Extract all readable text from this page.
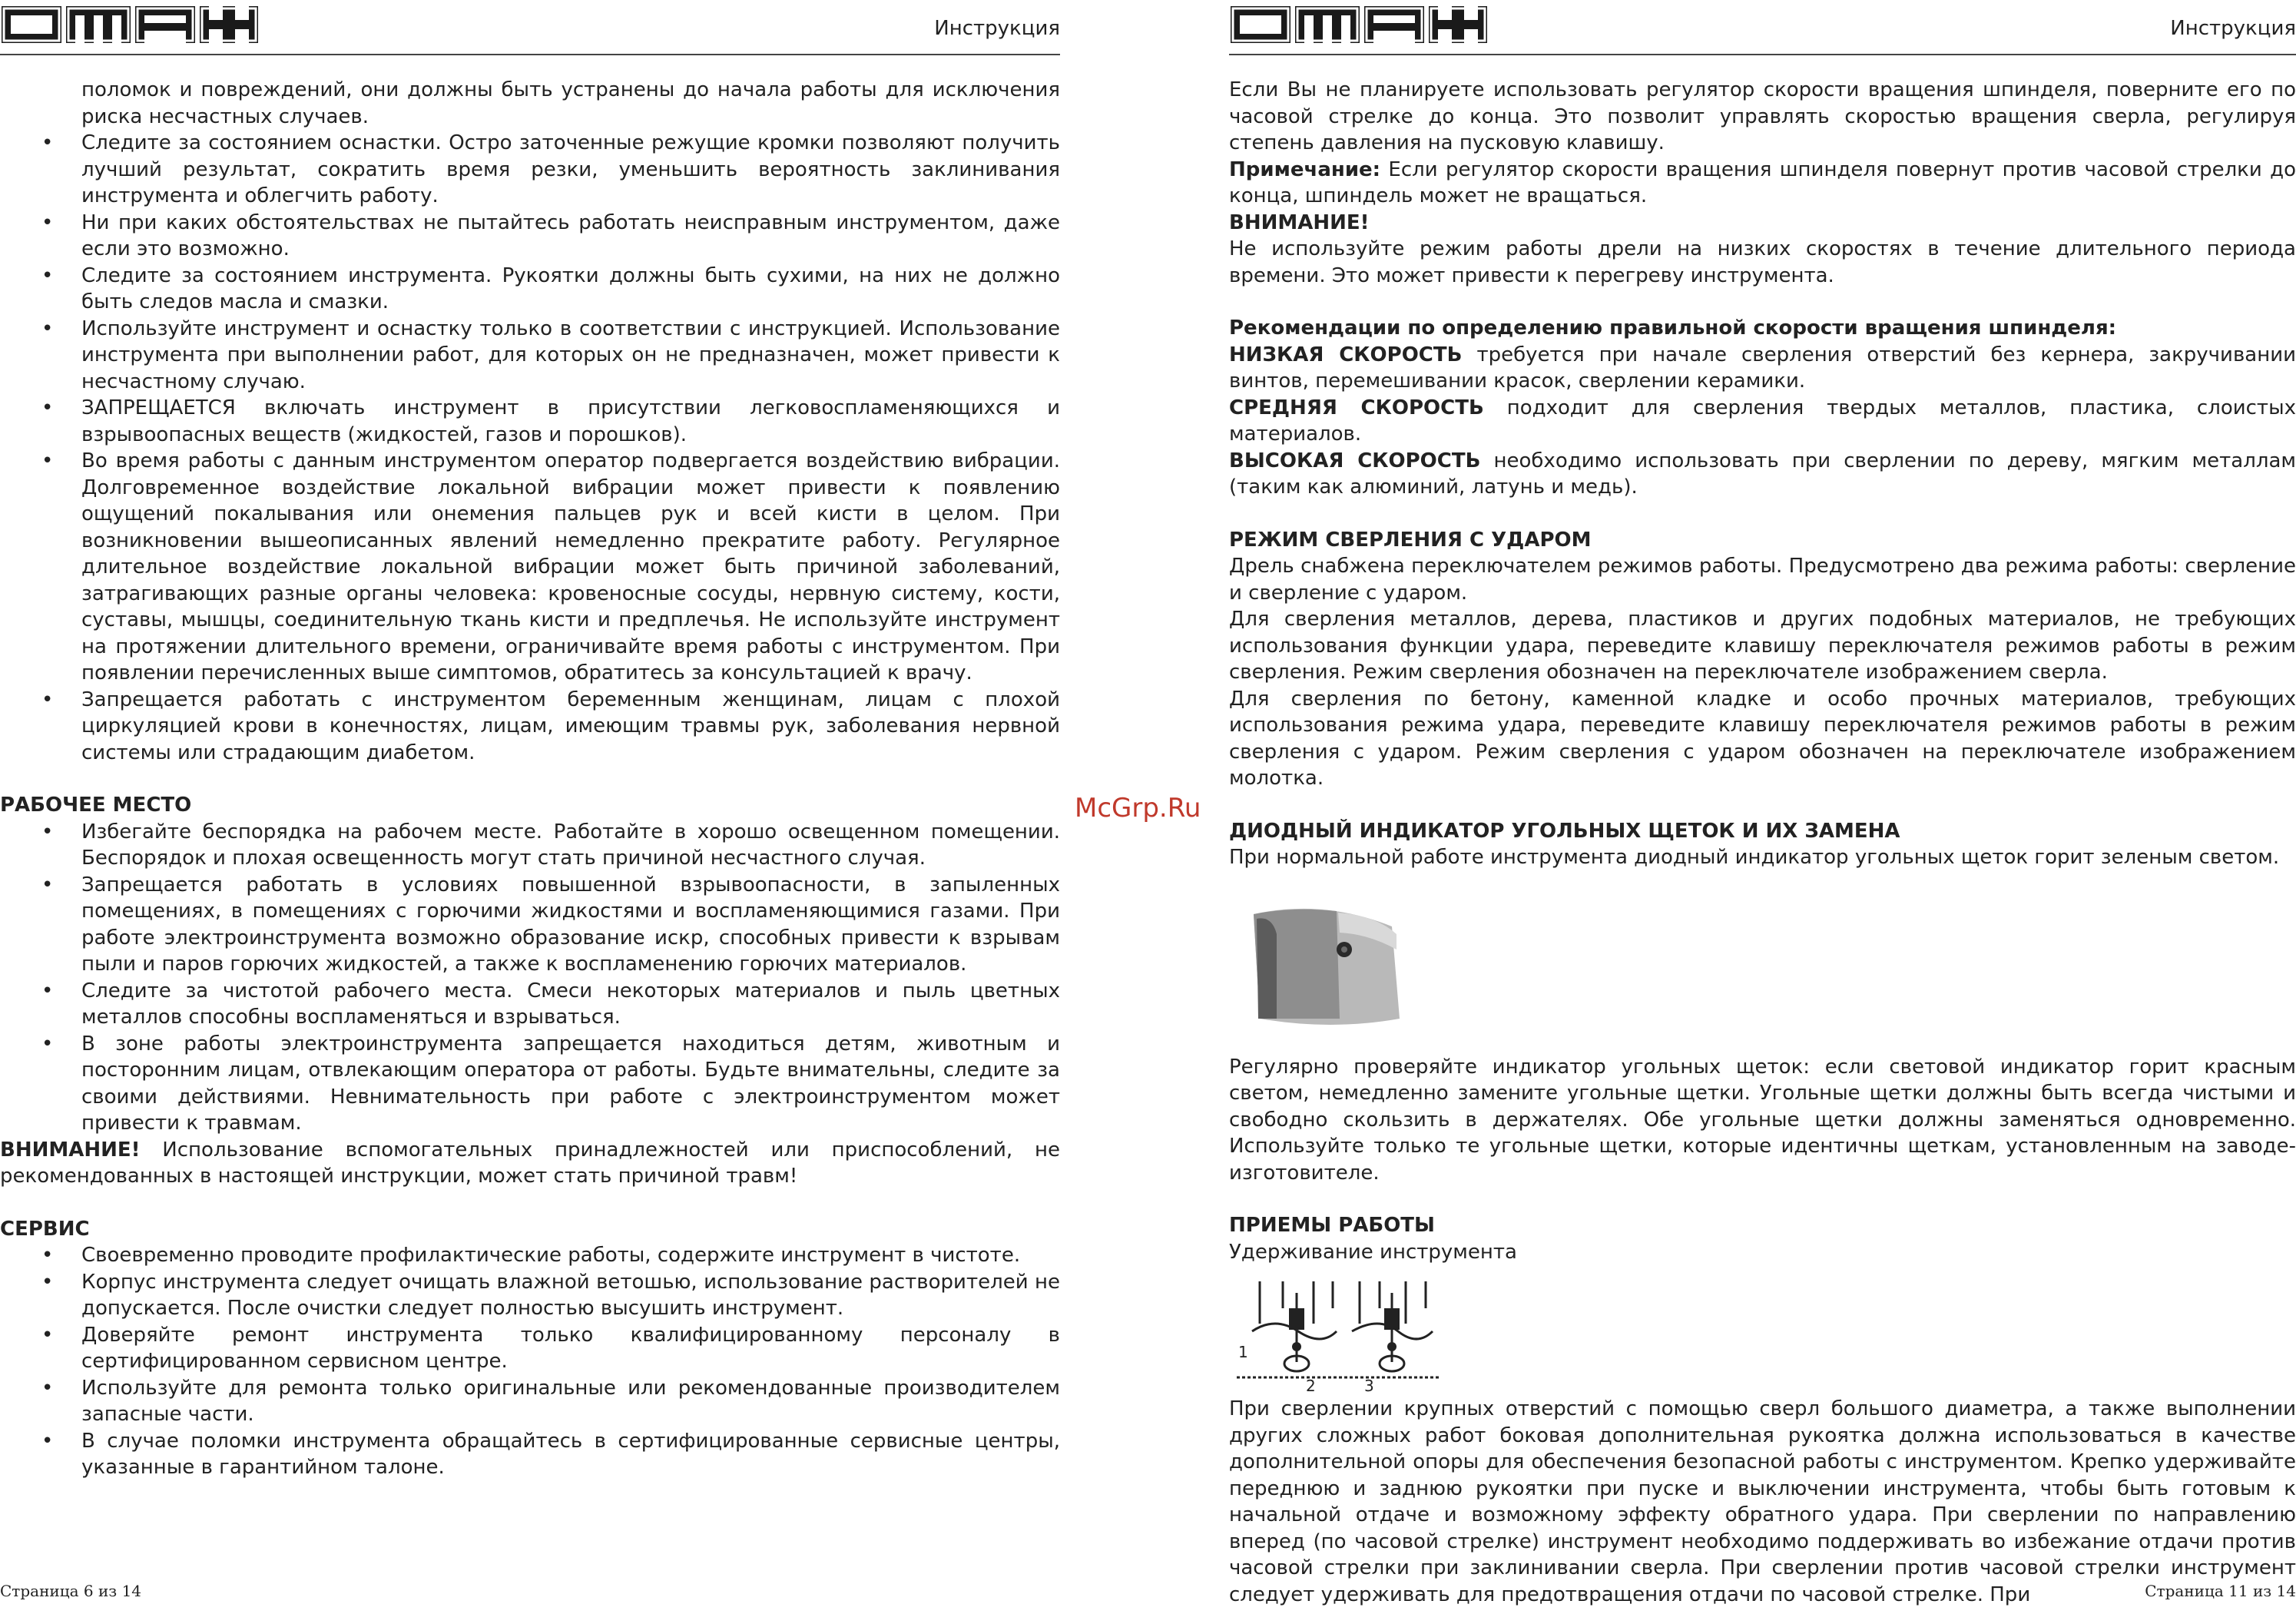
Инструкция

поломок и повреждений, они должны быть устранены до начала работы для исключения риска несчастных случаев.

• Следите за состоянием оснастки. Остро заточенные режущие кромки позволяют получить лучший результат, сократить время резки, уменьшить вероятность заклинивания инструмента и облегчить работу.
• Ни при каких обстоятельствах не пытайтесь работать неисправным инструментом, даже если это возможно.
• Следите за состоянием инструмента. Рукоятки должны быть сухими, на них не должно быть следов масла и смазки.
• Используйте инструмент и оснастку только в соответствии с инструкцией. Использование инструмента при выполнении работ, для которых он не предназначен, может привести к несчастному случаю.
• ЗАПРЕЩАЕТСЯ включать инструмент в присутствии легковоспламеняющихся и взрывоопасных веществ (жидкостей, газов и порошков).
• Во время работы с данным инструментом оператор подвергается воздействию вибрации. Долговременное воздействие локальной вибрации может привести к появлению ощущений покалывания или онемения пальцев рук и всей кисти в целом. При возникновении вышеописанных явлений немедленно прекратите работу. Регулярное длительное воздействие локальной вибрации может быть причиной заболеваний, затрагивающих разные органы человека: кровеносные сосуды, нервную систему, кости, суставы, мышцы, соединительную ткань кисти и предплечья. Не используйте инструмент на протяжении длительного времени, ограничивайте время работы с инструментом. При появлении перечисленных выше симптомов, обратитесь за консультацией к врачу.
• Запрещается работать с инструментом беременным женщинам, лицам с плохой циркуляцией крови в конечностях, лицам, имеющим травмы рук, заболевания нервной системы или страдающим диабетом.

РАБОЧЕЕ МЕСТО

• Избегайте беспорядка на рабочем месте. Работайте в хорошо освещенном помещении. Беспорядок и плохая освещенность могут стать причиной несчастного случая.
• Запрещается работать в условиях повышенной взрывоопасности, в запыленных помещениях, в помещениях с горючими жидкостями и воспламеняющимися газами. При работе электроинструмента возможно образование искр, способных привести к взрывам пыли и паров горючих жидкостей, а также к воспламенению горючих материалов.
• Следите за чистотой рабочего места. Смеси некоторых материалов и пыль цветных металлов способны воспламеняться и взрываться.
• В зоне работы электроинструмента запрещается находиться детям, животным и посторонним лицам, отвлекающим оператора от работы. Будьте внимательны, следите за своими действиями. Невнимательность при работе с электроинструментом может привести к травмам.

ВНИМАНИЕ! Использование вспомогательных принадлежностей или приспособлений, не рекомендованных в настоящей инструкции, может стать причиной травм!

СЕРВИС

• Своевременно проводите профилактические работы, содержите инструмент в чистоте.
• Корпус инструмента следует очищать влажной ветошью, использование растворителей не допускается. После очистки следует полностью высушить инструмент.
• Доверяйте ремонт инструмента только квалифицированному персоналу в сертифицированном сервисном центре.
• Используйте для ремонта только оригинальные или рекомендованные производителем запасные части.
• В случае поломки инструмента обращайтесь в сертифицированные сервисные центры, указанные в гарантийном талоне.
Страница 6 из 14
McGrp.Ru
Инструкция

Если Вы не планируете использовать регулятор скорости вращения шпинделя, поверните его по часовой стрелке до конца. Это позволит управлять скоростью вращения сверла, регулируя степень давления на пусковую клавишу.

Примечание: Если регулятор скорости вращения шпинделя повернут против часовой стрелки до конца, шпиндель может не вращаться.

ВНИМАНИЕ!

Не используйте режим работы дрели на низких скоростях в течение длительного периода времени. Это может привести к перегреву инструмента.

Рекомендации по определению правильной скорости вращения шпинделя:

НИЗКАЯ СКОРОСТЬ требуется при начале сверления отверстий без кернера, закручивании винтов, перемешивании красок, сверлении керамики.

СРЕДНЯЯ СКОРОСТЬ подходит для сверления твердых металлов, пластика, слоистых материалов.

ВЫСОКАЯ СКОРОСТЬ необходимо использовать при сверлении по дереву, мягким металлам (таким как алюминий, латунь и медь).

РЕЖИМ СВЕРЛЕНИЯ С УДАРОМ

Дрель снабжена переключателем режимов работы. Предусмотрено два режима работы: сверление и сверление с ударом.

Для сверления металлов, дерева, пластиков и других подобных материалов, не требующих использования функции удара, переведите клавишу переключателя режимов работы в режим сверления. Режим сверления обозначен на переключателе изображением сверла.

Для сверления по бетону, каменной кладке и особо прочных материалов, требующих использования режима удара, переведите клавишу переключателя режимов работы в режим сверления с ударом. Режим сверления с ударом обозначен на переключателе изображением молотка.

ДИОДНЫЙ ИНДИКАТОР УГОЛЬНЫХ ЩЕТОК И ИХ ЗАМЕНА

При нормальной работе инструмента диодный индикатор угольных щеток горит зеленым светом.

Регулярно проверяйте индикатор угольных щеток: если световой индикатор горит красным светом, немедленно замените угольные щетки. Угольные щетки должны быть всегда чистыми и свободно скользить в держателях. Обе угольные щетки должны заменяться одновременно. Используйте только те угольные щетки, которые идентичны щеткам, установленным на заводе-изготовителе.

ПРИЕМЫ РАБОТЫ

Удерживание инструмента

1
2	3

При сверлении крупных отверстий с помощью сверл большого диаметра, а также выполнении других сложных работ боковая дополнительная рукоятка должна использоваться в качестве дополнительной опоры для обеспечения безопасной работы с инструментом. Крепко удерживайте переднюю и заднюю рукоятки при пуске и выключении инструмента, чтобы быть готовым к начальной отдаче и возможному эффекту обратного удара. При сверлении по направлению вперед (по часовой стрелке) инструмент необходимо поддерживать во избежание отдачи против часовой стрелки при заклинивании сверла. При сверлении против часовой стрелки инструмент следует удерживать для предотвращения отдачи по часовой стрелке. При	Страница 11 из 14
